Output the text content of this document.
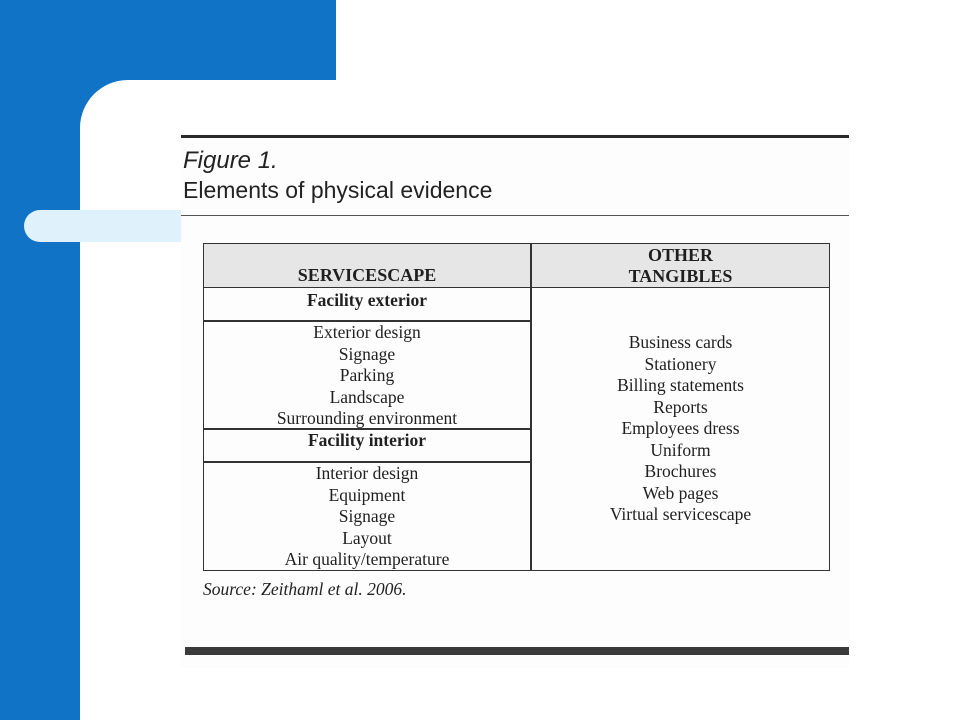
Figure 1.
Elements of physical evidence
SERVICESCAPE
OTHER
TANGIBLES
Facility exterior
Exterior design
Signage
Parking
Landscape
Surrounding environment
Facility interior
Interior design
Equipment
Signage
Layout
Air quality/temperature
Business cards
Stationery
Billing statements
Reports
Employees dress
Uniform
Brochures
Web pages
Virtual servicescape
Source: Zeithaml et al. 2006.
